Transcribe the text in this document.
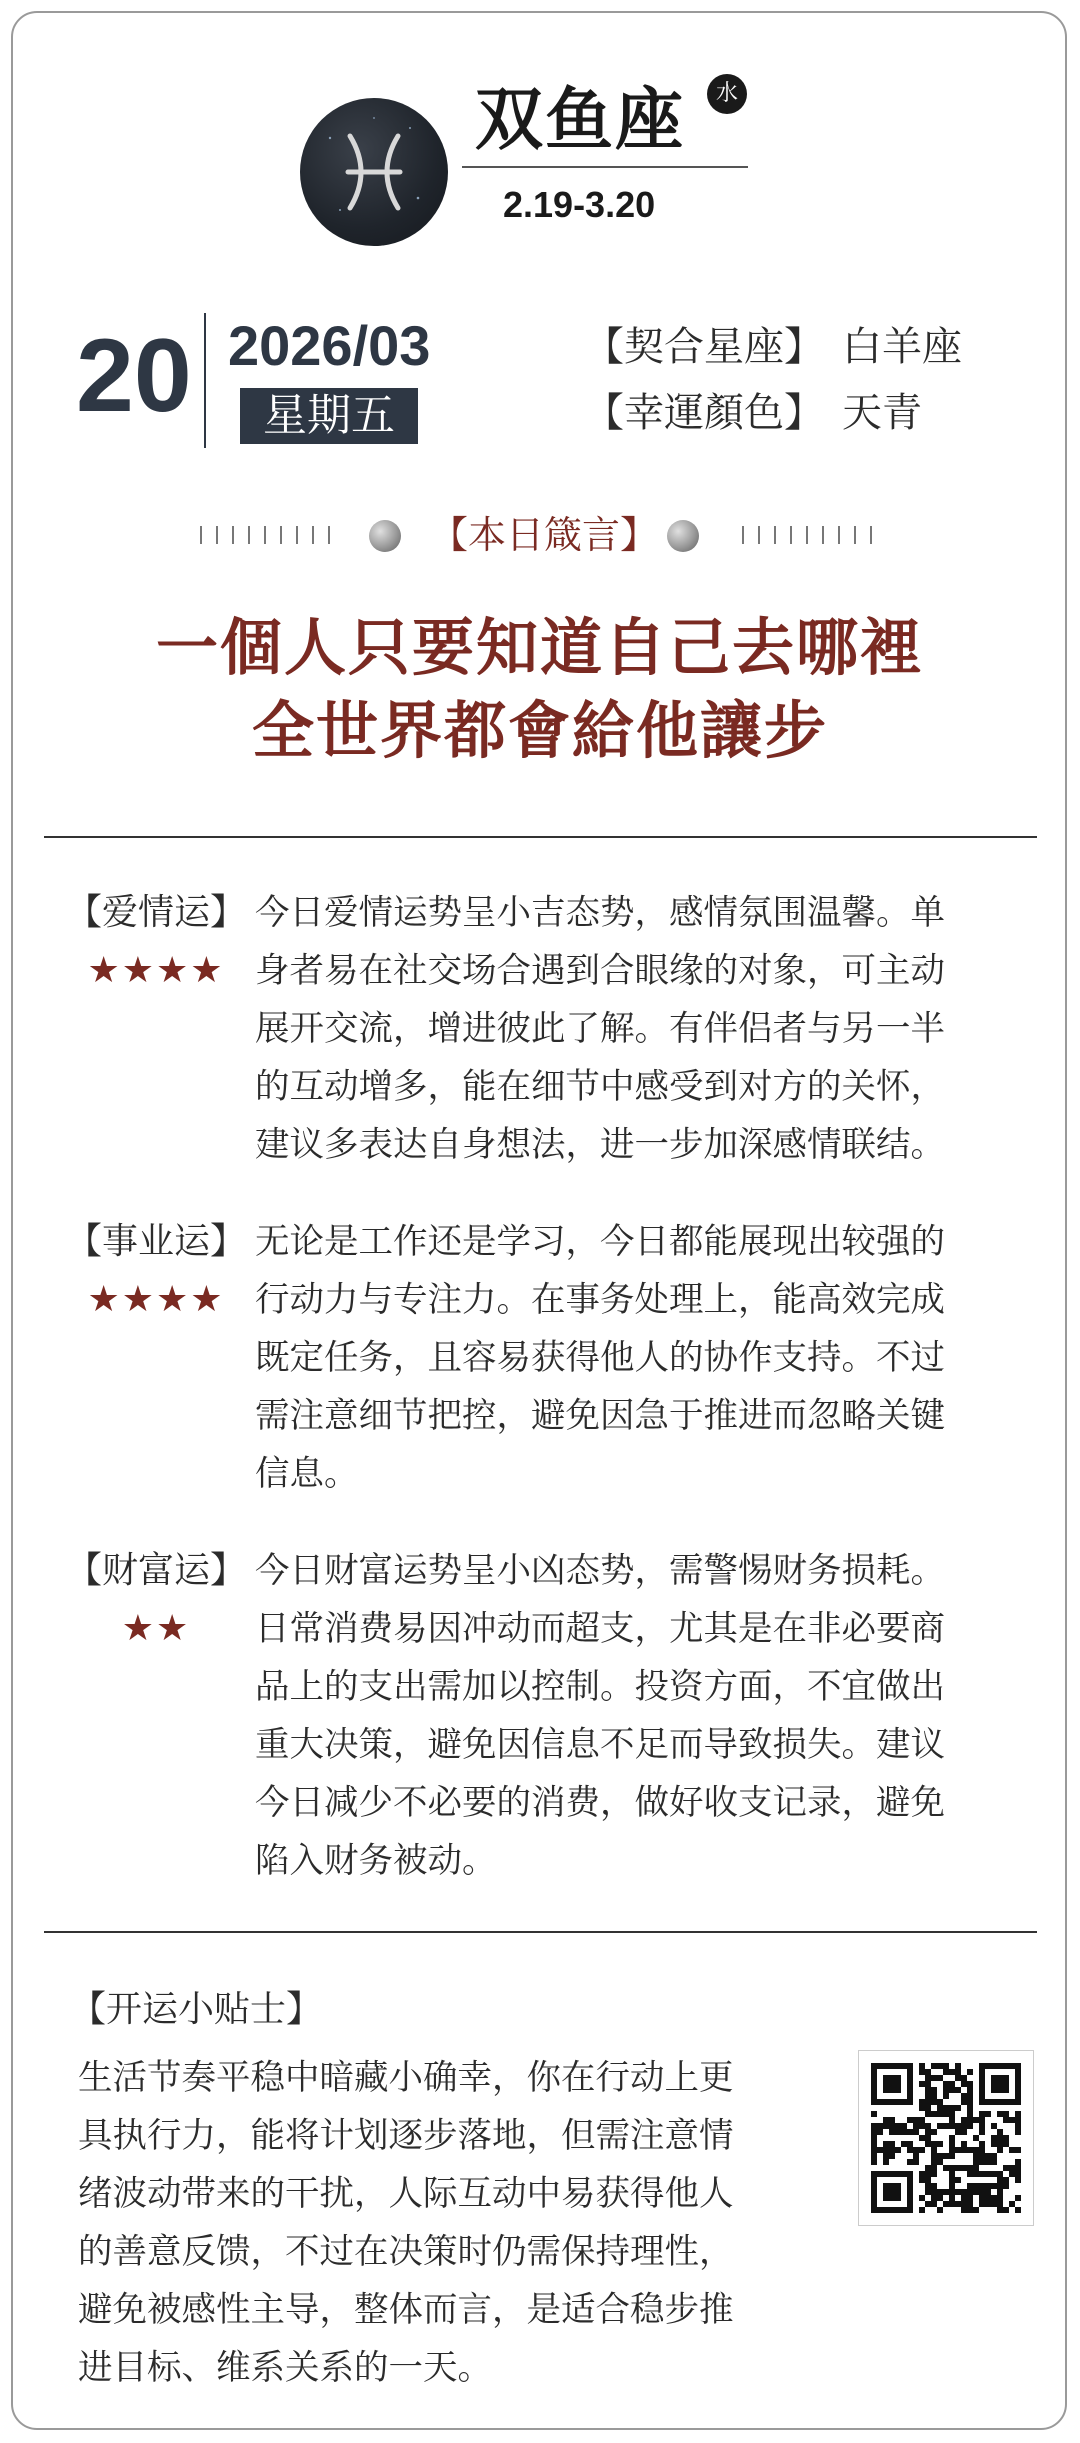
双鱼座	水
2.19-3.20
20 2026/03
星期五
【契合星座】 白羊座
【幸運顏色】 天青
【本日箴言】
一個人只要知道自己去哪裡
全世界都會給他讓步
【爱情运】
★★★★
今日爱情运势呈小吉态势，感情氛围温馨。单
身者易在社交场合遇到合眼缘的对象，可主动
展开交流，增进彼此了解。有伴侣者与另一半
的互动增多，能在细节中感受到对方的关怀，
建议多表达自身想法，进一步加深感情联结。
【事业运】
★★★★
无论是工作还是学习，今日都能展现出较强的
行动力与专注力。在事务处理上，能高效完成
既定任务，且容易获得他人的协作支持。不过
需注意细节把控，避免因急于推进而忽略关键
信息。
【财富运】
★★
今日财富运势呈小凶态势，需警惕财务损耗。
日常消费易因冲动而超支，尤其是在非必要商
品上的支出需加以控制。投资方面，不宜做出
重大决策，避免因信息不足而导致损失。建议
今日减少不必要的消费，做好收支记录，避免
陷入财务被动。
【开运小贴士】
生活节奏平稳中暗藏小确幸，你在行动上更
具执行力，能将计划逐步落地，但需注意情
绪波动带来的干扰，人际互动中易获得他人
的善意反馈，不过在决策时仍需保持理性，
避免被感性主导，整体而言，是适合稳步推
进目标、维系关系的一天。
